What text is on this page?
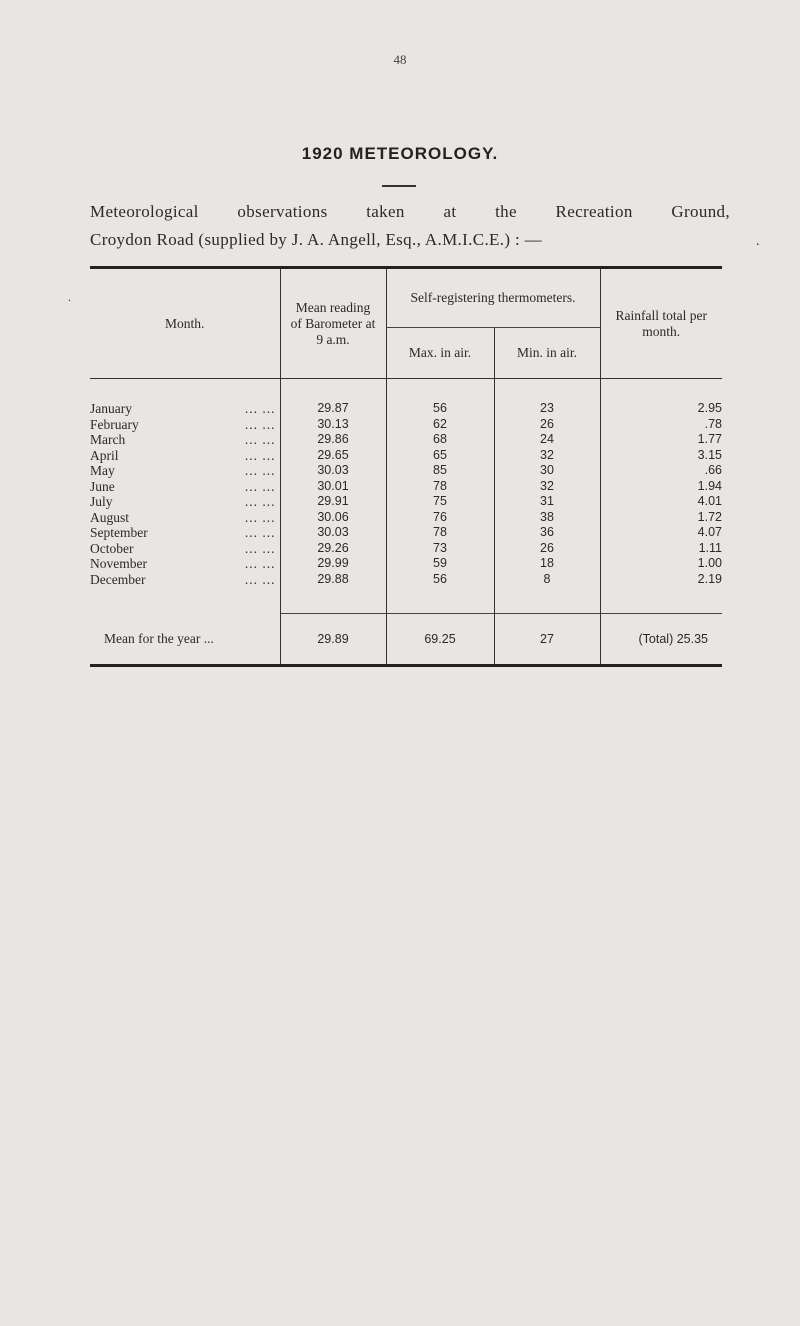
48
1920 METEOROLOGY.
Meteorological observations taken at the Recreation Ground,
Croydon Road (supplied by J. A. Angell, Esq., A.M.I.C.E.) : —

Month.	Mean reading of Barometer at 9 a.m.	Self-registering thermometers.		Rainfall total per month.
		Max. in air.	Min. in air.	

January	... ...	29.87	56	23	2.95

February	... ...	30.13	62	26	.78

March	... ...	29.86	68	24	1.77

April	... ...	29.65	65	32	3.15

May	... ...	30.03	85	30	.66

June	... ...	30.01	78	32	1.94

July	... ...	29.91	75	31	4.01

August	... ...	30.06	76	38	1.72

September	... ...	30.03	78	36	4.07

October	... ...	29.26	73	26	1.11

November	... ...	29.99	59	18	1.00

December	... ...	29.88	56	8	2.19

Mean for the year ...	29.89	69.25	27	(Total) 25.35

.
.
